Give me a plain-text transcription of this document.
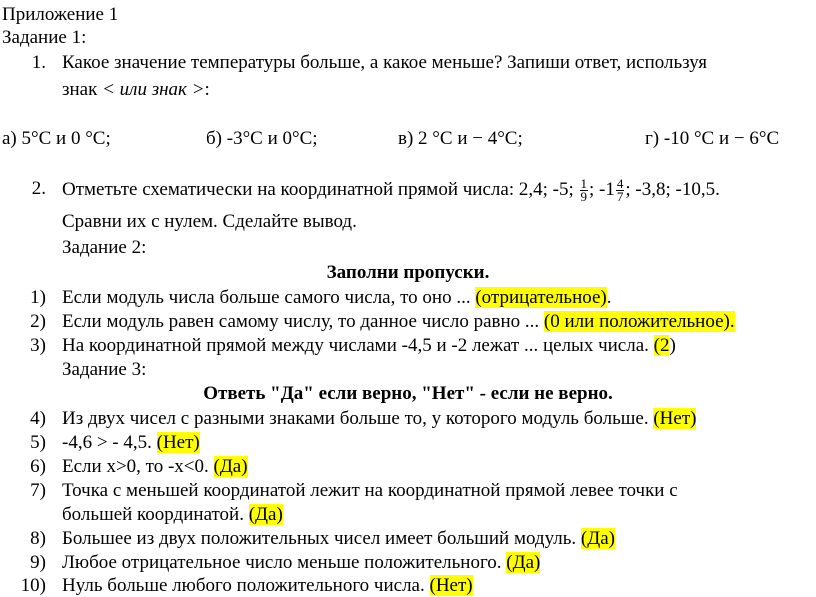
Приложение 1
Задание 1:
1. Какое значение температуры больше, а какое меньше? Запиши ответ, используя
знак < или знак >:
а) 5°C и 0 °C;	б) -3°C и 0°C;	в) 2 °C и − 4°C;	г) -10 °C и − 6°C
2. Отметьте схематически на координатной прямой числа: 2,4; -5; $\frac{1}{9}$ ; $-1 \frac{4}{7}$ ; -3,8; -10,5.
Сравни их с нулем. Сделайте вывод.
Задание 2:
Заполни пропуски.
1) Если модуль числа больше самого числа, то оно ... (отрицательное).
2) Если модуль равен самому числу, то данное число равно ... (0 или положительное).
3) На координатной прямой между числами -4,5 и -2 лежат ... целых числа. (2)
Задание 3:
Ответь "Да" если верно, "Нет" - если не верно.
4) Из двух чисел с разными знаками больше то, у которого модуль больше. (Нет)
5) -4,6 > - 4,5. (Нет)
6) Если x>0, то -x<0. (Да)
7) Точка с меньшей координатой лежит на координатной прямой левее точки с
большей координатой. (Да)
8) Большее из двух положительных чисел имеет больший модуль. (Да)
9) Любое отрицательное число меньше положительного. (Да)
10) Нуль больше любого положительного числа. (Нет)
